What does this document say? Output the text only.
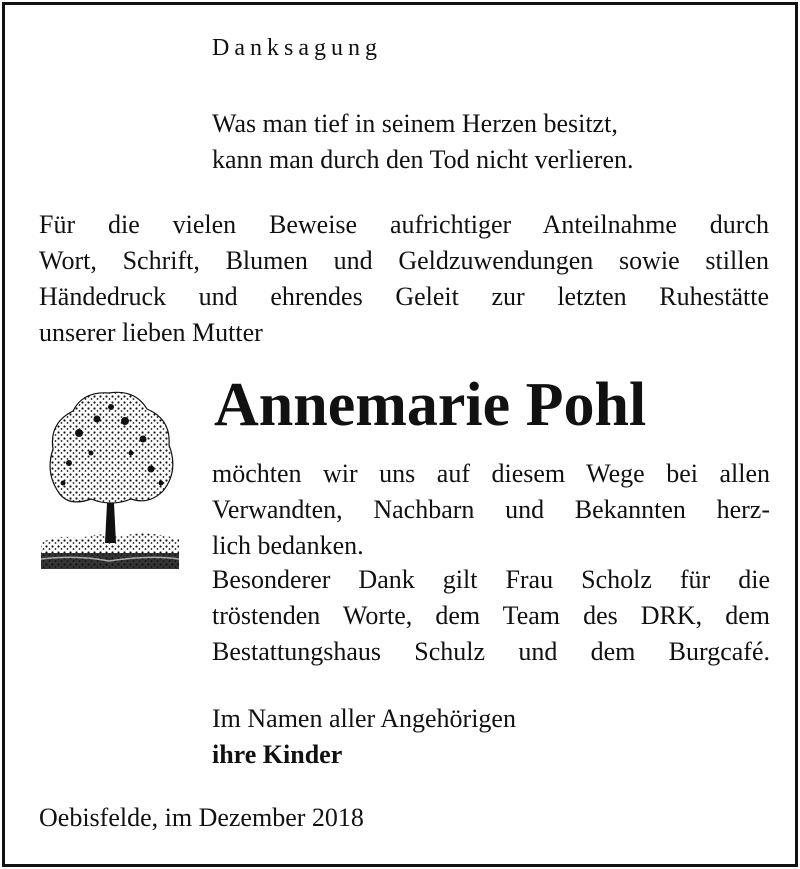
Danksagung
Was man tief in seinem Herzen besitzt,
kann man durch den Tod nicht verlieren.
Für die vielen Beweise aufrichtiger Anteilnahme durch
Wort, Schrift, Blumen und Geldzuwendungen sowie stillen
Händedruck und ehrendes Geleit zur letzten Ruhestätte
unserer lieben Mutter
Annemarie Pohl
möchten wir uns auf diesem Wege bei allen
Verwandten, Nachbarn und Bekannten herz-
lich bedanken.
Besonderer Dank gilt Frau Scholz für die
tröstenden Worte, dem Team des DRK, dem
Bestattungshaus Schulz und dem Burgcafé.
Im Namen aller Angehörigen
ihre Kinder
Oebisfelde, im Dezember 2018
